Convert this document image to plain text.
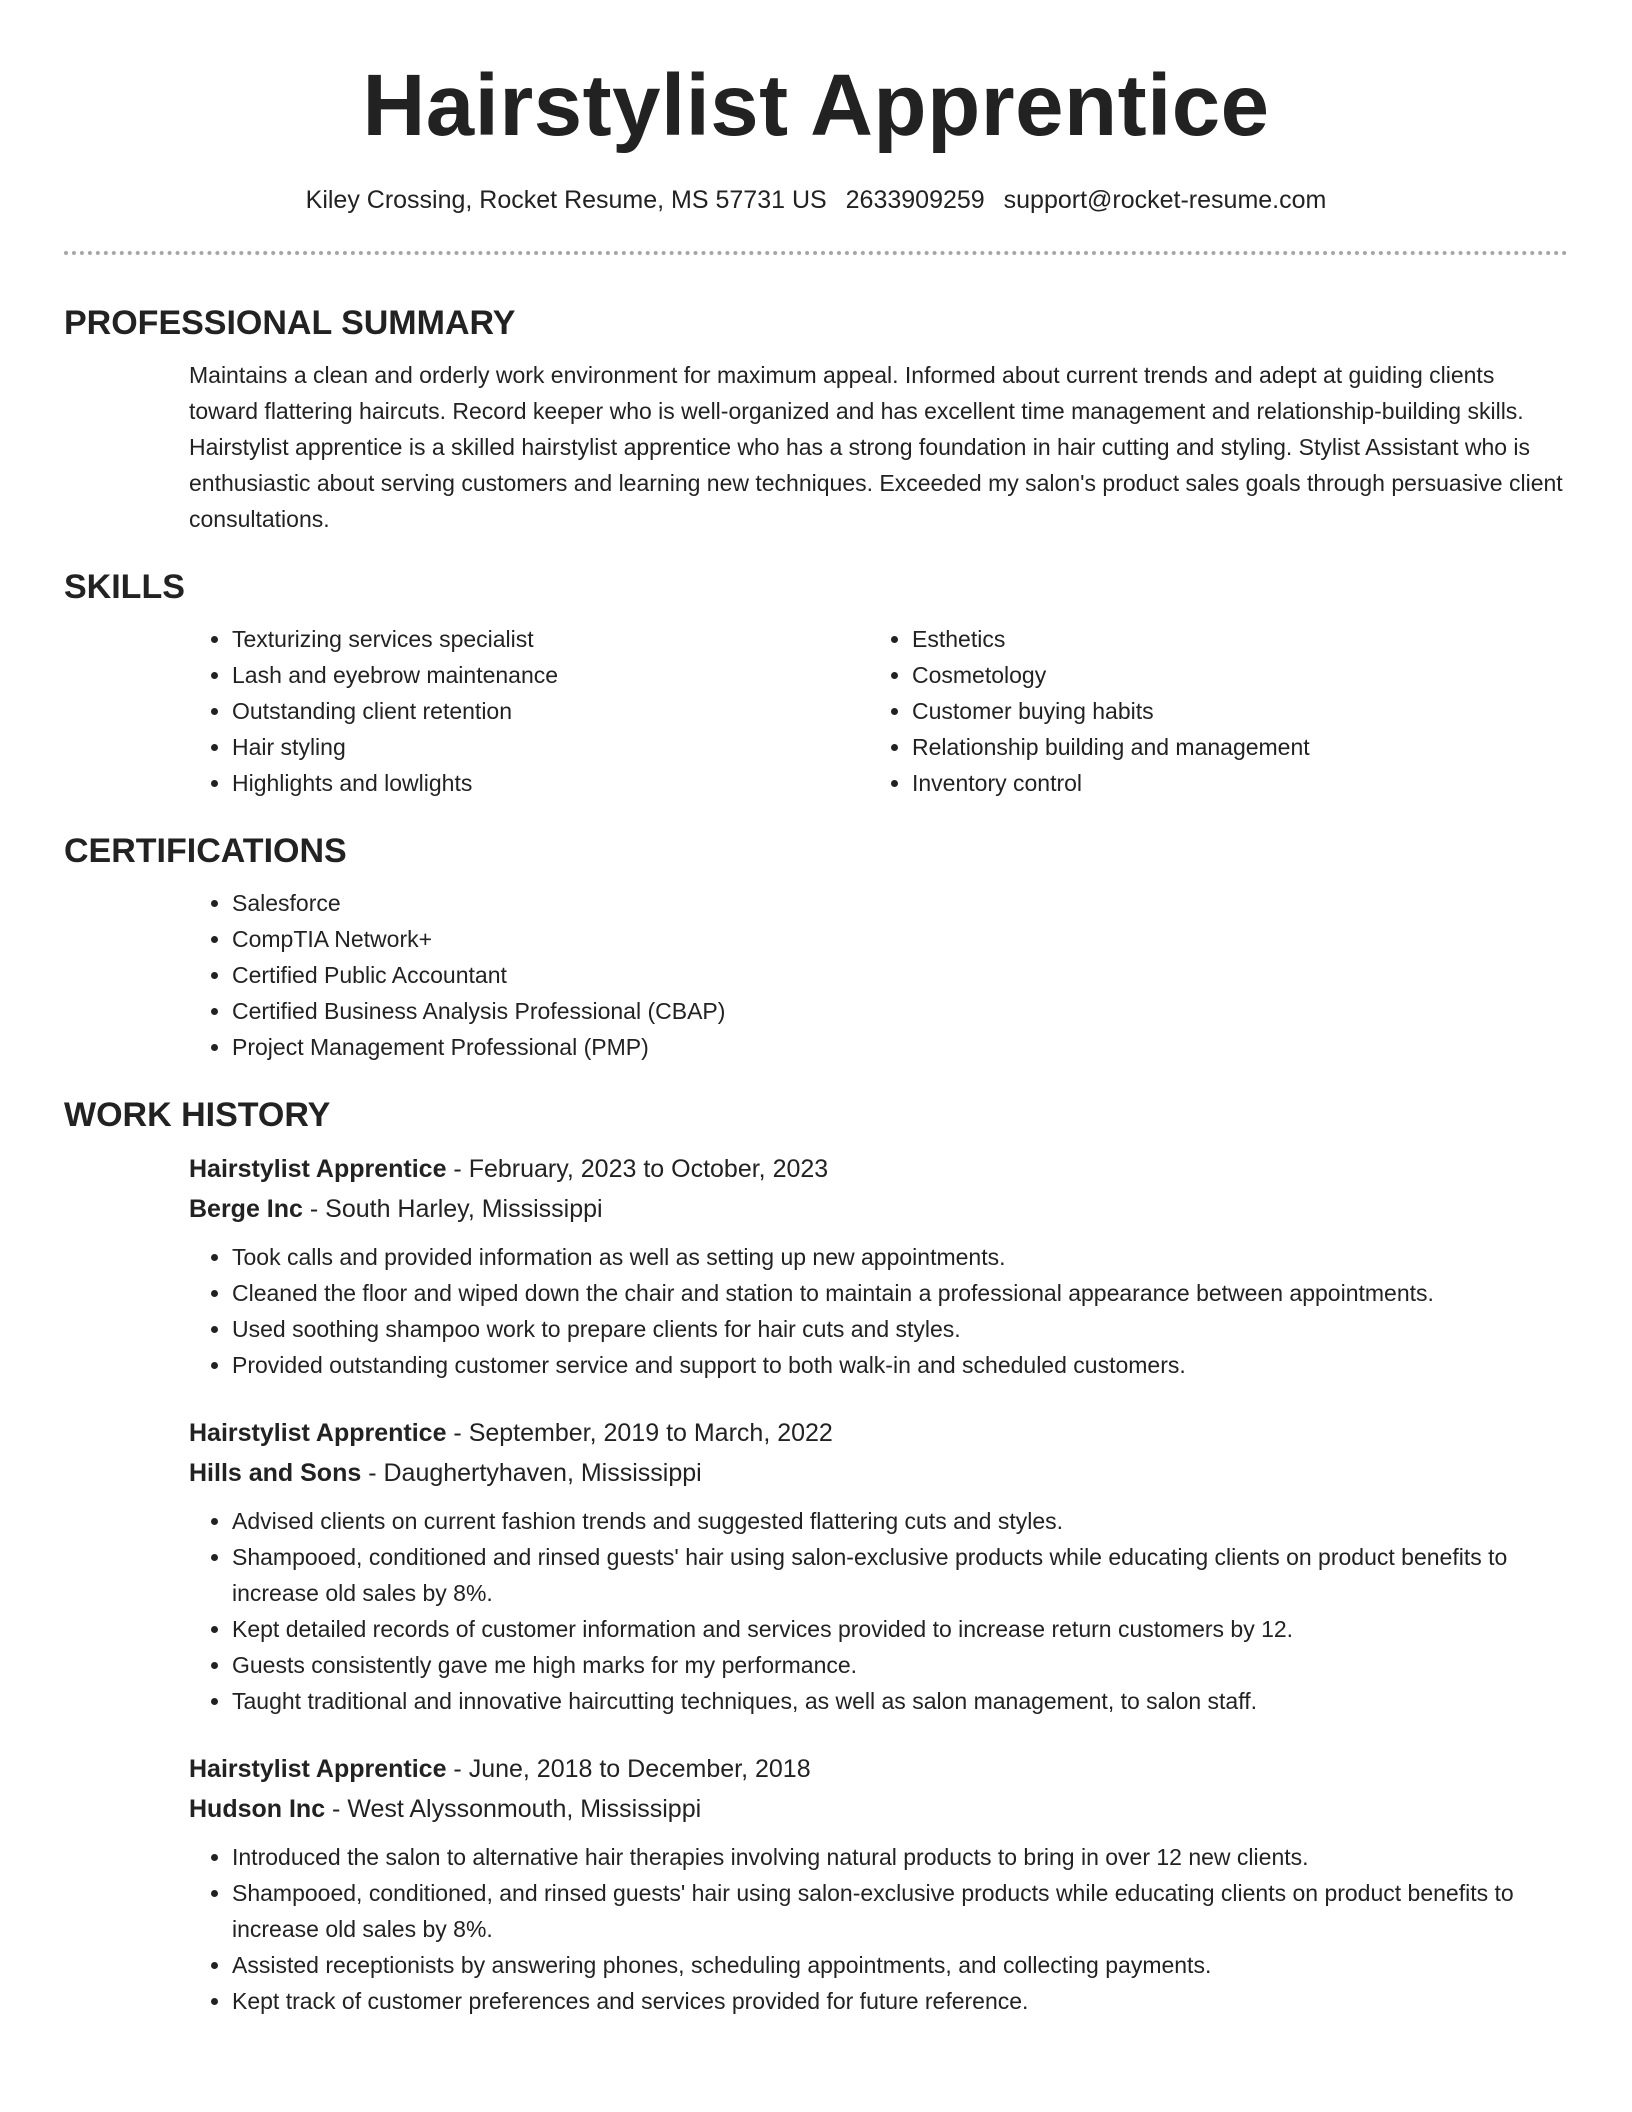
Hairstylist Apprentice
Kiley Crossing, Rocket Resume, MS 57731 US 2633909259 support@rocket-resume.com
PROFESSIONAL SUMMARY

Maintains a clean and orderly work environment for maximum appeal. Informed about current trends and adept at guiding clients toward flattering haircuts. Record keeper who is well-organized and has excellent time management and relationship-building skills. Hairstylist apprentice is a skilled hairstylist apprentice who has a strong foundation in hair cutting and styling. Stylist Assistant who is enthusiastic about serving customers and learning new techniques. Exceeded my salon's product sales goals through persuasive client consultations.

SKILLS
• Texturizing services specialist
• Lash and eyebrow maintenance
• Outstanding client retention
• Hair styling
• Highlights and lowlights
• Esthetics
• Cosmetology
• Customer buying habits
• Relationship building and management
• Inventory control
CERTIFICATIONS
• Salesforce
• CompTIA Network+
• Certified Public Accountant
• Certified Business Analysis Professional (CBAP)
• Project Management Professional (PMP)
WORK HISTORY
Hairstylist Apprentice - February, 2023 to October, 2023
Berge Inc - South Harley, Mississippi
• Took calls and provided information as well as setting up new appointments.
• Cleaned the floor and wiped down the chair and station to maintain a professional appearance between appointments.
• Used soothing shampoo work to prepare clients for hair cuts and styles.
• Provided outstanding customer service and support to both walk-in and scheduled customers.
Hairstylist Apprentice - September, 2019 to March, 2022
Hills and Sons - Daughertyhaven, Mississippi
• Advised clients on current fashion trends and suggested flattering cuts and styles.
• Shampooed, conditioned and rinsed guests' hair using salon-exclusive products while educating clients on product benefits to increase old sales by 8%.
• Kept detailed records of customer information and services provided to increase return customers by 12.
• Guests consistently gave me high marks for my performance.
• Taught traditional and innovative haircutting techniques, as well as salon management, to salon staff.
Hairstylist Apprentice - June, 2018 to December, 2018
Hudson Inc - West Alyssonmouth, Mississippi
• Introduced the salon to alternative hair therapies involving natural products to bring in over 12 new clients.
• Shampooed, conditioned, and rinsed guests' hair using salon-exclusive products while educating clients on product benefits to increase old sales by 8%.
• Assisted receptionists by answering phones, scheduling appointments, and collecting payments.
• Kept track of customer preferences and services provided for future reference.
